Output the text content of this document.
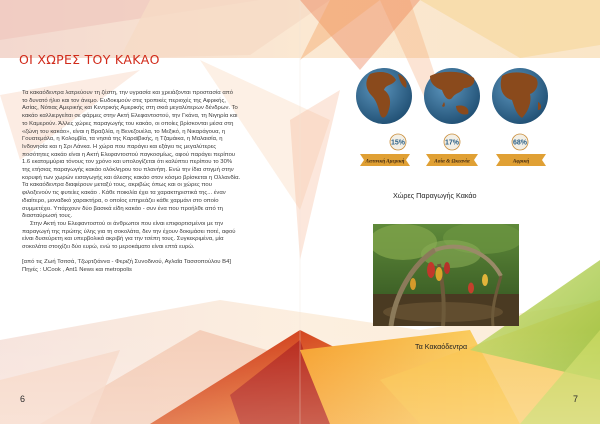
ΟΙ ΧΩΡΕΣ ΤΟΥ ΚΑΚΑΟ

Τα κακαόδεντρα λατρεύουν τη ζέστη, την υγρασία και χρειάζονται προστασία από

το δυνατό ήλιο και τον άνεμο. Ευδοκιμούν στις τροπικές περιοχές της Αφρικής,

Ασίας, Νότιας Αμερικής και Κεντρικής Αμερικής στη σκιά μεγαλύτερων δένδρων. Το

κακάο καλλιεργείται σε φάρμες στην Ακτή Ελεφαντοστού, την Γκάνα, τη Νιγηρία και

το Καμερούν. Άλλες χώρες παραγωγής του κακάο, οι οποίες βρίσκονται μέσα στη

«ζώνη του κακάο», είναι η Βραζιλία, η Βενεζουέλα, το Μεξικό, η Νικαράγουα, η

Γουατεμάλα, η Κολομβία, τα νησιά της Καραϊβικής, η Τζαμάικα, η Μαλαισία, η

Ινδονησία και η Σρι Λάνκα. Η χώρα που παράγει και εξάγει τις μεγαλύτερες

ποσότητες κακάο είναι η Ακτή Ελεφαντοστού παγκοσμίως, αφού παράγει περίπου

1.6 εκατομμύρια τόνους τον χρόνο και υπολογίζεται ότι καλύπτει περίπου το 30%

της ετήσιας παραγωγής κακάο ολόκληρου του πλανήτη. Ενώ την ίδια στιγμή στην

κορυφή των χωρών εισαγωγής και άλεσης κακάο στον κόσμο βρίσκεται η Ολλανδία.

Τα κακαόδεντρα διαφέρουν μεταξύ τους, ακριβώς όπως και οι χώρες που

φιλοξενούν τις φυτείες κακάο . Κάθε ποικιλία έχει τα χαρακτηριστικά της... έναν

ιδιαίτερο, μοναδικό χαρακτήρα, ο οποίος επηρεάζει κάθε χαρμάνι στο οποίο

συμμετέχει. Υπάρχουν δύο βασικά είδη κακάο - συν ένα που προήλθε από τη

διασταύρωσή τους.

Στην Ακτή του Ελεφαντοστού οι άνθρωποι που είναι επιφορτισμένοι με την

παραγωγή της πρώτης ύλης για τη σοκολάτα, δεν την έχουν δοκιμάσει ποτέ, αφού

είναι δυσεύρετη και υπερβολικά ακριβή για την τσέπη τους. Συγκεκριμένα, μία

σοκολάτα στοιχίζει δύο ευρώ, ενώ το μεροκάματο είναι επτά ευρώ.

[από τις Ζωή Τσιτσά, Τζωρτζιάννα - Φεριζή Συνοδινού, Αγλαΐα Τασσοπούλου Β4]

Πηγές : UCook , Ant1 News και metropolis

6	7
15%	17%	68%
Λατινική Αμερική	Ασία & Ωκεανία	Αφρική
Χώρες Παραγωγής Κακάο
Τα Κακαόδεντρα
